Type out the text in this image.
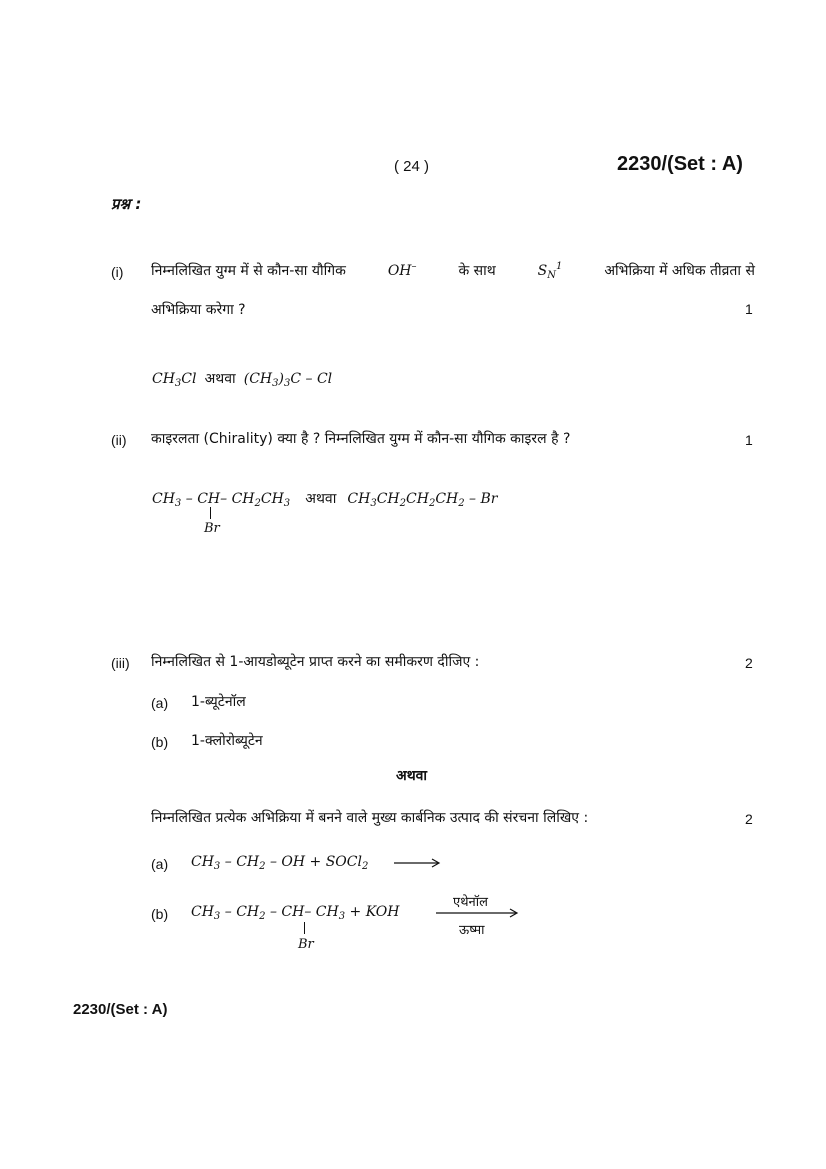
( 24 )	2230/(Set : A)
प्रश्न :
(i) निम्नलिखित युग्म में से कौन-सा यौगिक	OH–	के साथ	$S_N^1$	अभिक्रिया में अधिक तीव्रता से
अभिक्रिया करेगा ?	1
$CH_3Cl$ अथवा $(CH_3)_3C$ – Cl
(ii) काइरलता (Chirality) क्या है ? निम्नलिखित युग्म में कौन-सा यौगिक काइरल है ?	1
$CH_3 - CH-$ $CH_2CH_3$ अथवा $CH_3CH_2CH_2CH_2$ – Br
Br
(iii) निम्नलिखित से 1-आयडोब्यूटेन प्राप्त करने का समीकरण दीजिए :	2
(a) 1-ब्यूटेनॉल
(b) 1-क्लोरोब्यूटेन
अथवा
निम्नलिखित प्रत्येक अभिक्रिया में बनने वाले मुख्य कार्बनिक उत्पाद की संरचना लिखिए :	2
(a) $CH_3 - CH_2$ – OH + SOCl$_2$
(b) $CH_3 - CH_2 - CH-$ $CH_3$ + KOH
Br
एथेनॉल
ऊष्मा
2230/(Set : A)
